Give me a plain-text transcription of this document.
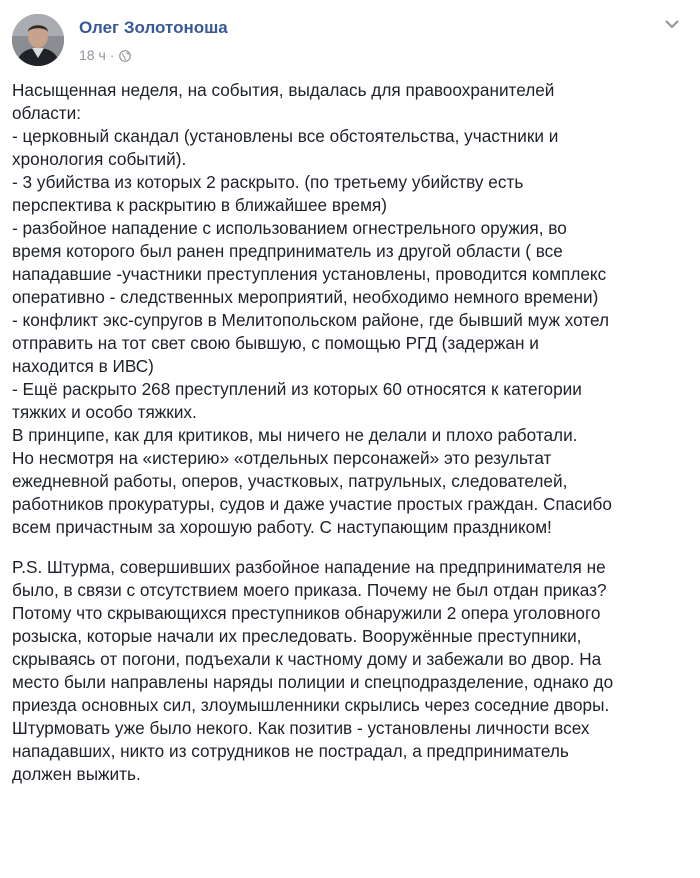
Олег Золотоноша
18 ч ·

Насыщенная неделя, на события, выдалась для правоохранителей
области:
- церковный скандал (установлены все обстоятельства, участники и
хронология событий).
- 3 убийства из которых 2 раскрыто. (по третьему убийству есть
перспектива к раскрытию в ближайшее время)
- разбойное нападение с использованием огнестрельного оружия, во
время которого был ранен предприниматель из другой области ( все
нападавшие -участники преступления установлены, проводится комплекс
оперативно - следственных мероприятий, необходимо немного времени)
- конфликт экс-супругов в Мелитопольском районе, где бывший муж хотел
отправить на тот свет свою бывшую, с помощью РГД (задержан и
находится в ИВС)
- Ещё раскрыто 268 преступлений из которых 60 относятся к категории
тяжких и особо тяжких.
В принципе, как для критиков, мы ничего не делали и плохо работали.
Но несмотря на «истерию» «отдельных персонажей» это результат
ежедневной работы, оперов, участковых, патрульных, следователей,
работников прокуратуры, судов и даже участие простых граждан. Спасибо
всем причастным за хорошую работу. С наступающим праздником!

P.S. Штурма, совершивших разбойное нападение на предпринимателя не
было, в связи с отсутствием моего приказа. Почему не был отдан приказ?
Потому что скрывающихся преступников обнаружили 2 опера уголовного
розыска, которые начали их преследовать. Вооружённые преступники,
скрываясь от погони, подъехали к частному дому и забежали во двор. На
место были направлены наряды полиции и спецподразделение, однако до
приезда основных сил, злоумышленники скрылись через соседние дворы.
Штурмовать уже было некого. Как позитив - установлены личности всех
нападавших, никто из сотрудников не пострадал, а предприниматель
должен выжить.
